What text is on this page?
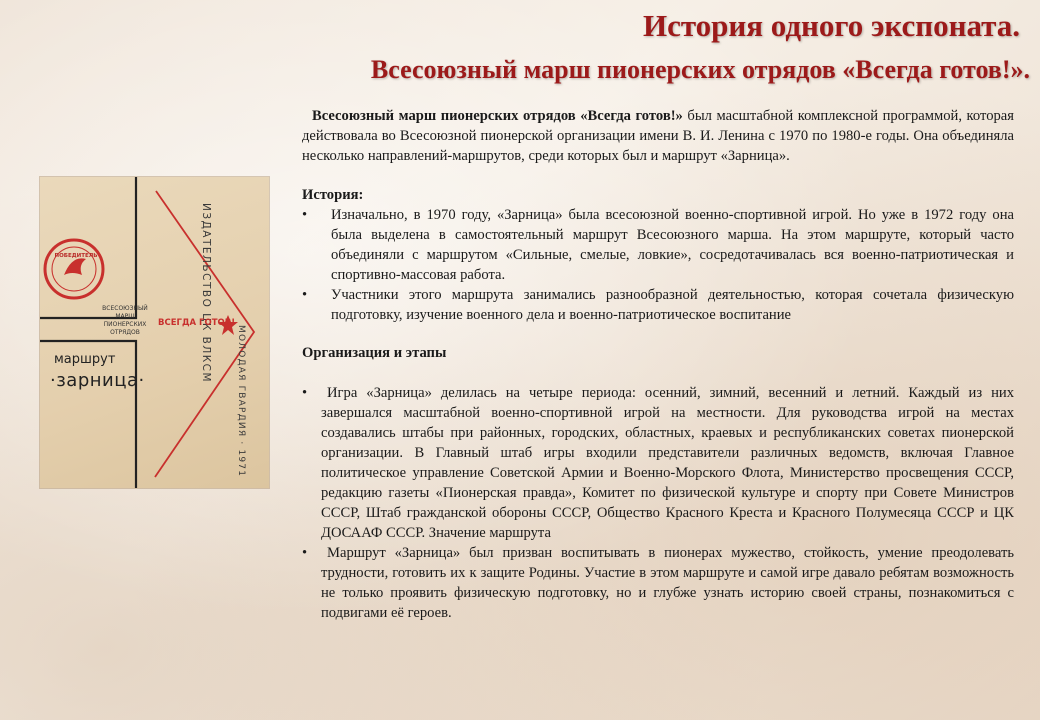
История одного экспоната.
Всесоюзный марш пионерских отрядов «Всегда готов!».
ПОБЕДИТЕЛЬ	ИЗДАТЕЛЬСТВО ЦК ВЛКСМ
МОЛОДАЯ ГВАРДИЯ · 1971
ВСЕГДА ГОТОВ!
ВСЕСОЮЗНЫЙ
МАРШ
ПИОНЕРСКИХ ОТРЯДОВ
маршрут
·зарница·

Всесоюзный марш пионерских отрядов «Всегда готов!» был масштабной комплексной программой, которая действовала во Всесоюзной пионерской организации имени В. И. Ленина с 1970 по 1980-е годы. Она объединяла несколько направлений-маршрутов, среди которых был и маршрут «Зарница».

История:
• Изначально, в 1970 году, «Зарница» была всесоюзной военно-спортивной игрой. Но уже в 1972 году она была выделена в самостоятельный маршрут Всесоюзного марша. На этом маршруте, который часто объединяли с маршрутом «Сильные, смелые, ловкие», сосредотачивалась вся военно-патриотическая и спортивно-массовая работа.
• Участники этого маршрута занимались разнообразной деятельностью, которая сочетала физическую подготовку, изучение военного дела и военно-патриотическое воспитание
Организация и этапы
• Игра «Зарница» делилась на четыре периода: осенний, зимний, весенний и летний. Каждый из них завершался масштабной военно-спортивной игрой на местности. Для руководства игрой на местах создавались штабы при районных, городских, областных, краевых и республиканских советах пионерской организации. В Главный штаб игры входили представители различных ведомств, включая Главное политическое управление Советской Армии и Военно-Морского Флота, Министерство просвещения СССР, редакцию газеты «Пионерская правда», Комитет по физической культуре и спорту при Совете Министров СССР, Штаб гражданской обороны СССР, Общество Красного Креста и Красного Полумесяца СССР и ЦК ДОСААФ СССР. Значение маршрута
• Маршрут «Зарница» был призван воспитывать в пионерах мужество, стойкость, умение преодолевать трудности, готовить их к защите Родины. Участие в этом маршруте и самой игре давало ребятам возможность не только проявить физическую подготовку, но и глубже узнать историю своей страны, познакомиться с подвигами её героев.
